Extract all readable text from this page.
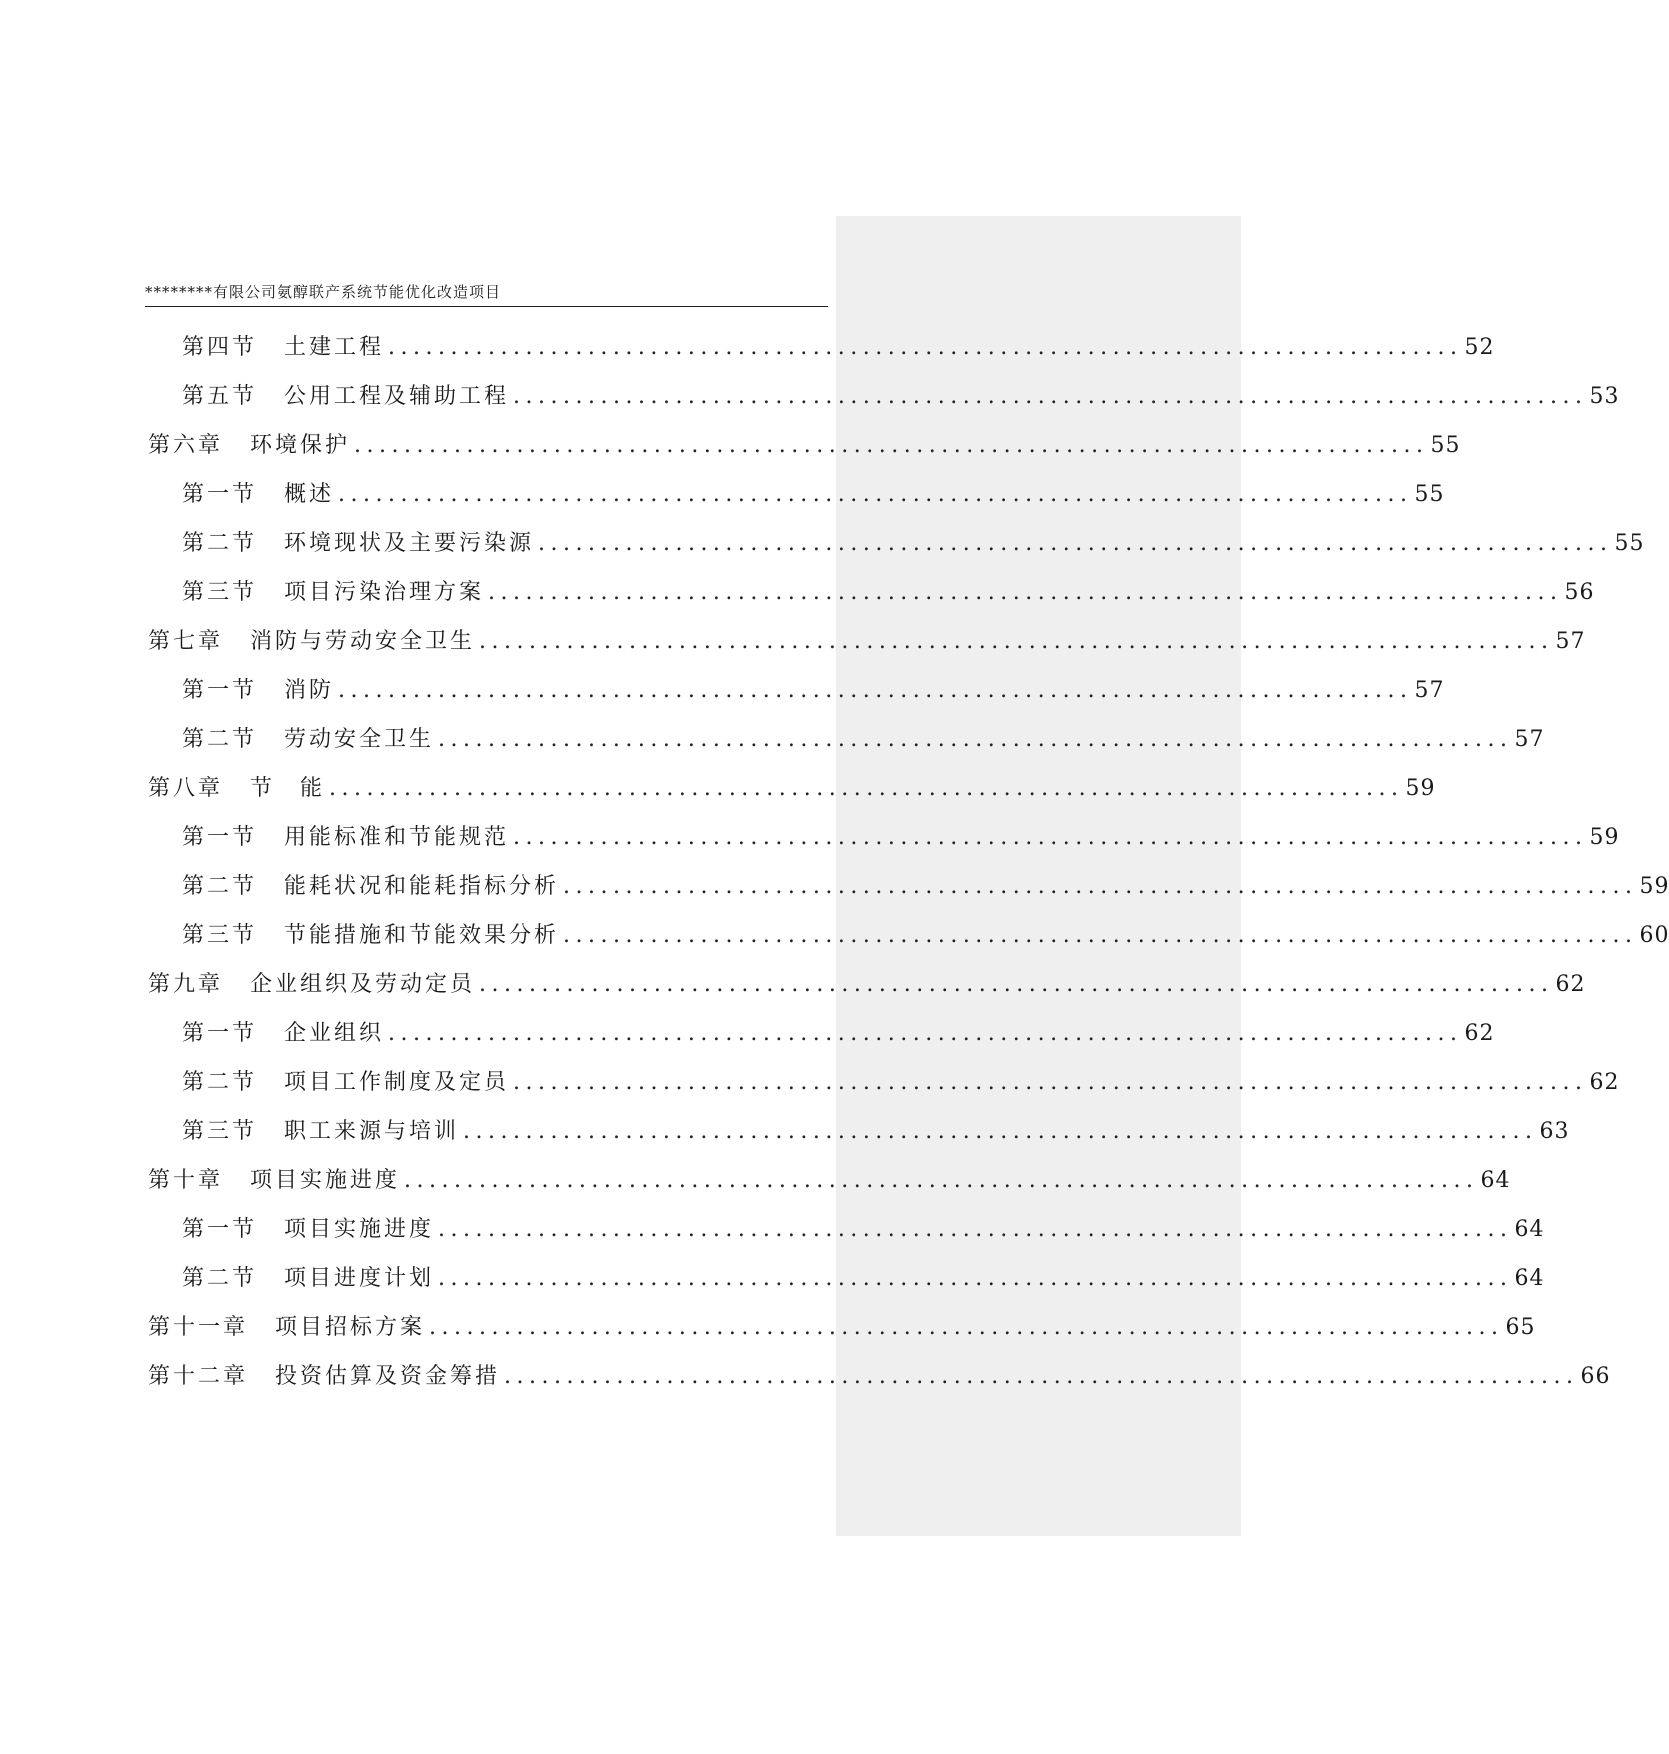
********有限公司氨醇联产系统节能优化改造项目
第四节 土建工程 ...................................................................................... 52
第五节 公用工程及辅助工程 ...................................................................................... 53
第六章 环境保护 ...................................................................................... 55
第一节 概述 ...................................................................................... 55
第二节 环境现状及主要污染源 ...................................................................................... 55
第三节 项目污染治理方案 ...................................................................................... 56
第七章 消防与劳动安全卫生 ...................................................................................... 57
第一节 消防 ...................................................................................... 57
第二节 劳动安全卫生 ...................................................................................... 57
第八章 节　能 ...................................................................................... 59
第一节 用能标准和节能规范 ...................................................................................... 59
第二节 能耗状况和能耗指标分析 ...................................................................................... 59
第三节 节能措施和节能效果分析 ...................................................................................... 60
第九章 企业组织及劳动定员 ...................................................................................... 62
第一节 企业组织 ...................................................................................... 62
第二节 项目工作制度及定员 ...................................................................................... 62
第三节 职工来源与培训 ...................................................................................... 63
第十章 项目实施进度 ...................................................................................... 64
第一节 项目实施进度 ...................................................................................... 64
第二节 项目进度计划 ...................................................................................... 64
第十一章 项目招标方案 ...................................................................................... 65
第十二章 投资估算及资金筹措 ...................................................................................... 66
